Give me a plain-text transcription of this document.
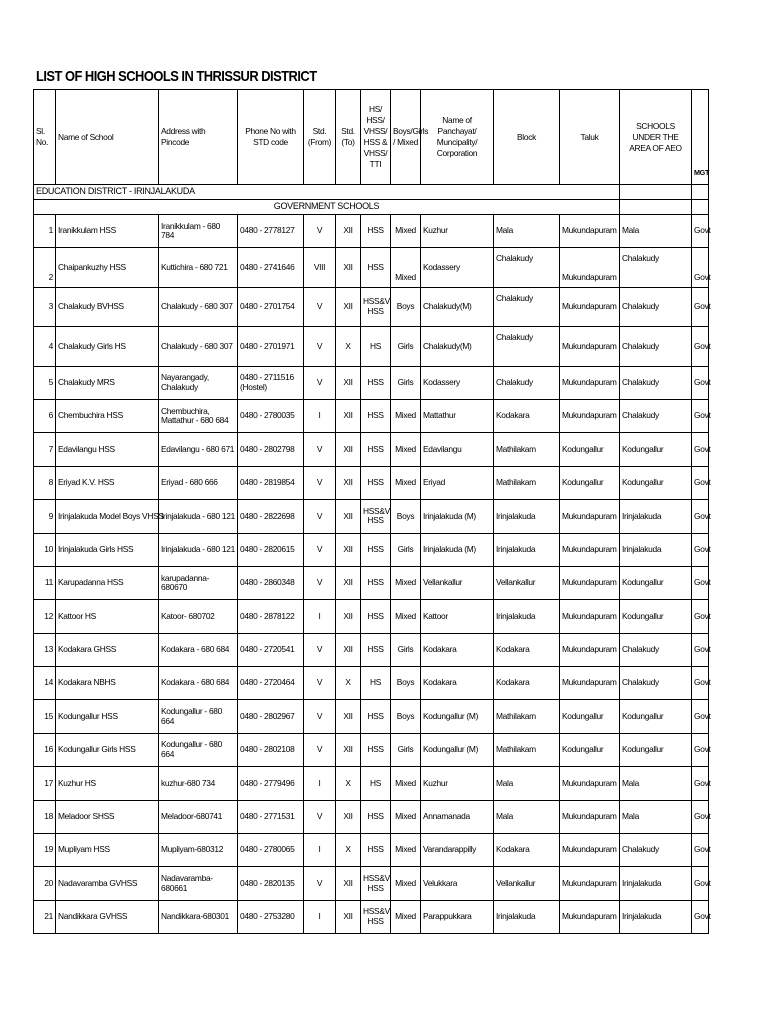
LIST OF HIGH SCHOOLS IN THRISSUR DISTRICT
Sl. No.	Name of School	Address with Pincode	Phone No with STD code	Std. (From)	Std. (To)	HS/ HSS/ VHSS/ HSS & VHSS/ TTI	Boys/Girls / Mixed	Name of Panchayat/ Muncipality/ Corporation	Block	Taluk	SCHOOLS UNDER THE AREA OF AEO	MGT
EDUCATION DISTRICT - IRINJALAKUDA												
GOVERNMENT SCHOOLS												
1	Iranikkulam HSS	Iranikkulam - 680 784	0480 - 2778127	V	XII	HSS	Mixed	Kuzhur	Mala	Mukundapuram	Mala	Govt
2	Chaipankuzhy HSS	Kuttichira - 680 721	0480 - 2741646	VIII	XII	HSS	Mixed	Kodassery	Chalakudy	Mukundapuram	Chalakudy	Govt
3	Chalakudy BVHSS	Chalakudy - 680 307	0480 - 2701754	V	XII	HSS&V HSS	Boys	Chalakudy(M)	Chalakudy	Mukundapuram	Chalakudy	Govt
4	Chalakudy Girls HS	Chalakudy - 680 307	0480 - 2701971	V	X	HS	Girls	Chalakudy(M)	Chalakudy	Mukundapuram	Chalakudy	Govt
5	Chalakudy MRS	Nayarangady, Chalakudy	0480 - 2711516 (Hostel)	V	XII	HSS	Girls	Kodassery	Chalakudy	Mukundapuram	Chalakudy	Govt
6	Chembuchira HSS	Chembuchira, Mattathur - 680 684	0480 - 2780035	I	XII	HSS	Mixed	Mattathur	Kodakara	Mukundapuram	Chalakudy	Govt
7	Edavilangu HSS	Edavilangu - 680 671	0480 - 2802798	V	XII	HSS	Mixed	Edavilangu	Mathilakam	Kodungallur	Kodungallur	Govt
8	Eriyad K.V. HSS	Eriyad - 680 666	0480 - 2819854	V	XII	HSS	Mixed	Eriyad	Mathilakam	Kodungallur	Kodungallur	Govt
9	Irinjalakuda Model Boys VHSS	Irinjalakuda - 680 121	0480 - 2822698	V	XII	HSS&V HSS	Boys	Irinjalakuda (M)	Irinjalakuda	Mukundapuram	Irinjalakuda	Govt
10	Irinjalakuda Girls HSS	Irinjalakuda - 680 121	0480 - 2820615	V	XII	HSS	Girls	Irinjalakuda (M)	Irinjalakuda	Mukundapuram	Irinjalakuda	Govt
11	Karupadanna HSS	karupadanna-680670	0480 - 2860348	V	XII	HSS	Mixed	Vellankallur	Vellankallur	Mukundapuram	Kodungallur	Govt
12	Kattoor HS	Katoor- 680702	0480 - 2878122	I	XII	HSS	Mixed	Kattoor	Irinjalakuda	Mukundapuram	Kodungallur	Govt
13	Kodakara GHSS	Kodakara - 680 684	0480 - 2720541	V	XII	HSS	Girls	Kodakara	Kodakara	Mukundapuram	Chalakudy	Govt
14	Kodakara NBHS	Kodakara - 680 684	0480 - 2720464	V	X	HS	Boys	Kodakara	Kodakara	Mukundapuram	Chalakudy	Govt
15	Kodungallur HSS	Kodungallur - 680 664	0480 - 2802967	V	XII	HSS	Boys	Kodungallur (M)	Mathilakam	Kodungallur	Kodungallur	Govt
16	Kodungallur Girls HSS	Kodungallur - 680 664	0480 - 2802108	V	XII	HSS	Girls	Kodungallur (M)	Mathilakam	Kodungallur	Kodungallur	Govt
17	Kuzhur HS	kuzhur-680 734	0480 - 2779496	I	X	HS	Mixed	Kuzhur	Mala	Mukundapuram	Mala	Govt
18	Meladoor SHSS	Meladoor-680741	0480 - 2771531	V	XII	HSS	Mixed	Annamanada	Mala	Mukundapuram	Mala	Govt
19	Mupliyam HSS	Mupliyam-680312	0480 - 2780065	I	X	HSS	Mixed	Varandarappilly	Kodakara	Mukundapuram	Chalakudy	Govt
20	Nadavaramba GVHSS	Nadavaramba-680661	0480 - 2820135	V	XII	HSS&V HSS	Mixed	Velukkara	Vellankallur	Mukundapuram	Irinjalakuda	Govt
21	Nandikkara GVHSS	Nandikkara-680301	0480 - 2753280	I	XII	HSS&V HSS	Mixed	Parappukkara	Irinjalakuda	Mukundapuram	Irinjalakuda	Govt
